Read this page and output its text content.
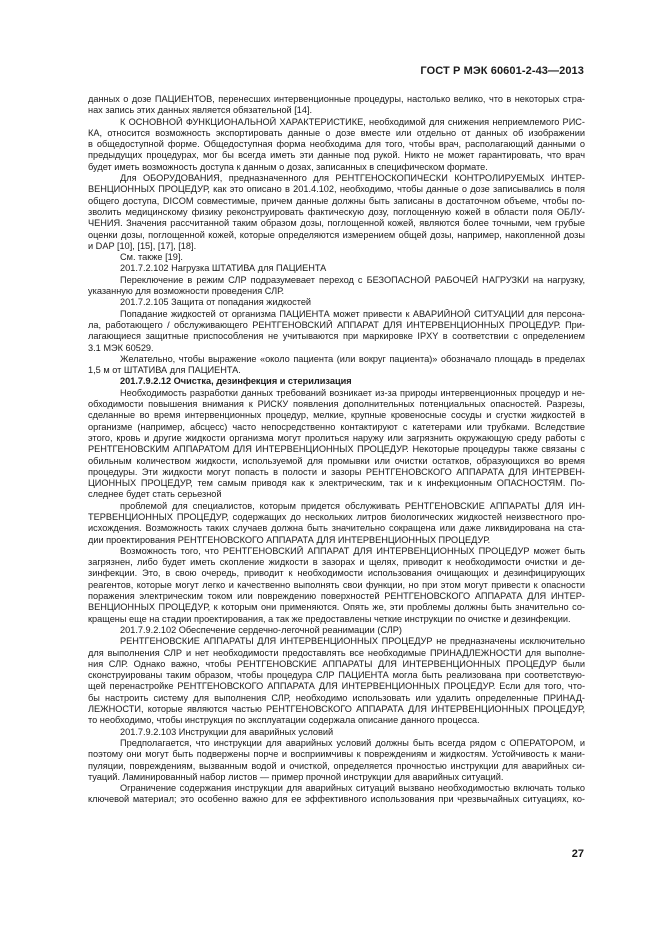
ГОСТ Р МЭК 60601-2-43—2013
данных о дозе ПАЦИЕНТОВ, перенесших интервенционные процедуры, настолько велико, что в некоторых стра-
нах запись этих данных является обязательной [14].
К ОСНОВНОЙ ФУНКЦИОНАЛЬНОЙ ХАРАКТЕРИСТИКЕ, необходимой для снижения неприемлемого РИС-
КА, относится возможность экспортировать данные о дозе вместе или отдельно от данных об изображении
в общедоступной форме. Общедоступная форма необходима для того, чтобы врач, располагающий данными о
предыдущих процедурах, мог бы всегда иметь эти данные под рукой. Никто не может гарантировать, что врач
будет иметь возможность доступа к данным о дозах, записанных в специфическом формате.
Для ОБОРУДОВАНИЯ, предназначенного для РЕНТГЕНОСКОПИЧЕСКИ КОНТРОЛИРУЕМЫХ ИНТЕР-
ВЕНЦИОННЫХ ПРОЦЕДУР, как это описано в 201.4.102, необходимо, чтобы данные о дозе записывались в поля
общего доступа, DICOM совместимые, причем данные должны быть записаны в достаточном объеме, чтобы по-
зволить медицинскому физику реконструировать фактическую дозу, поглощенную кожей в области поля ОБЛУ-
ЧЕНИЯ. Значения рассчитанной таким образом дозы, поглощенной кожей, являются более точными, чем грубые
оценки дозы, поглощенной кожей, которые определяются измерением общей дозы, например, накопленной дозы
и DAP [10], [15], [17], [18].
См. также [19].
201.7.2.102 Нагрузка ШТАТИВА для ПАЦИЕНТА
Переключение в режим СЛР подразумевает переход с БЕЗОПАСНОЙ РАБОЧЕЙ НАГРУЗКИ на нагрузку,
указанную для возможности проведения СЛР.
201.7.2.105 Защита от попадания жидкостей
Попадание жидкостей от организма ПАЦИЕНТА может привести к АВАРИЙНОЙ СИТУАЦИИ для персона-
ла, работающего / обслуживающего РЕНТГЕНОВСКИЙ АППАРАТ ДЛЯ ИНТЕРВЕНЦИОННЫХ ПРОЦЕДУР. При-
лагающиеся защитные приспособления не учитываются при маркировке IPXY в соответствии с определением
3.1 МЭК 60529.
Желательно, чтобы выражение «около пациента (или вокруг пациента)» обозначало площадь в пределах
1,5 м от ШТАТИВА для ПАЦИЕНТА.
201.7.9.2.12 Очистка, дезинфекция и стерилизация
Необходимость разработки данных требований возникает из-за природы интервенционных процедур и не-
обходимости повышения внимания к РИСКУ появления дополнительных потенциальных опасностей. Разрезы,
сделанные во время интервенционных процедур, мелкие, крупные кровеносные сосуды и сгустки жидкостей в
организме (например, абсцесс) часто непосредственно контактируют с катетерами или трубками. Вследствие
этого, кровь и другие жидкости организма могут пролиться наружу или загрязнить окружающую среду работы с
РЕНТГЕНОВСКИМ АППАРАТОМ ДЛЯ ИНТЕРВЕНЦИОННЫХ ПРОЦЕДУР. Некоторые процедуры также связаны с
обильным количеством жидкости, используемой для промывки или очистки остатков, образующихся во время
процедуры. Эти жидкости могут попасть в полости и зазоры РЕНТГЕНОВСКОГО АППАРАТА ДЛЯ ИНТЕРВЕН-
ЦИОННЫХ ПРОЦЕДУР, тем самым приводя как к электрическим, так и к инфекционным ОПАСНОСТЯМ. По-
следнее будет стать серьезной
проблемой для специалистов, которым придется обслуживать РЕНТГЕНОВСКИЕ АППАРАТЫ ДЛЯ ИН-
ТЕРВЕНЦИОННЫХ ПРОЦЕДУР, содержащих до нескольких литров биологических жидкостей неизвестного про-
исхождения. Возможность таких случаев должна быть значительно сокращена или даже ликвидирована на ста-
дии проектирования РЕНТГЕНОВСКОГО АППАРАТА ДЛЯ ИНТЕРВЕНЦИОННЫХ ПРОЦЕДУР.
Возможность того, что РЕНТГЕНОВСКИЙ АППАРАТ ДЛЯ ИНТЕРВЕНЦИОННЫХ ПРОЦЕДУР может быть
загрязнен, либо будет иметь скопление жидкости в зазорах и щелях, приводит к необходимости очистки и де-
зинфекции. Это, в свою очередь, приводит к необходимости использования очищающих и дезинфицирующих
реагентов, которые могут легко и качественно выполнять свои функции, но при этом могут привести к опасности
поражения электрическим током или повреждению поверхностей РЕНТГЕНОВСКОГО АППАРАТА ДЛЯ ИНТЕР-
ВЕНЦИОННЫХ ПРОЦЕДУР, к которым они применяются. Опять же, эти проблемы должны быть значительно со-
кращены еще на стадии проектирования, а так же предоставлены четкие инструкции по очистке и дезинфекции.
201.7.9.2.102 Обеспечение сердечно-легочной реанимации (СЛР)
РЕНТГЕНОВСКИЕ АППАРАТЫ ДЛЯ ИНТЕРВЕНЦИОННЫХ ПРОЦЕДУР не предназначены исключительно
для выполнения СЛР и нет необходимости предоставлять все необходимые ПРИНАДЛЕЖНОСТИ для выполне-
ния СЛР. Однако важно, чтобы РЕНТГЕНОВСКИЕ АППАРАТЫ ДЛЯ ИНТЕРВЕНЦИОННЫХ ПРОЦЕДУР были
сконструированы таким образом, чтобы процедура СЛР ПАЦИЕНТА могла быть реализована при соответствую-
щей перенастройке РЕНТГЕНОВСКОГО АППАРАТА ДЛЯ ИНТЕРВЕНЦИОННЫХ ПРОЦЕДУР. Если для того, что-
бы настроить систему для выполнения СЛР, необходимо использовать или удалить определенные ПРИНАД-
ЛЕЖНОСТИ, которые являются частью РЕНТГЕНОВСКОГО АППАРАТА ДЛЯ ИНТЕРВЕНЦИОННЫХ ПРОЦЕДУР,
то необходимо, чтобы инструкция по эксплуатации содержала описание данного процесса.
201.7.9.2.103 Инструкции для аварийных условий
Предполагается, что инструкции для аварийных условий должны быть всегда рядом с ОПЕРАТОРОМ, и
поэтому они могут быть подвержены порче и восприимчивы к повреждениям и жидкостям. Устойчивость к мани-
пуляции, повреждениям, вызванным водой и очисткой, определяется прочностью инструкции для аварийных си-
туаций. Ламинированный набор листов — пример прочной инструкции для аварийных ситуаций.
Ограничение содержания инструкции для аварийных ситуаций вызвано необходимостью включать только
ключевой материал; это особенно важно для ее эффективного использования при чрезвычайных ситуациях, ко-
27
